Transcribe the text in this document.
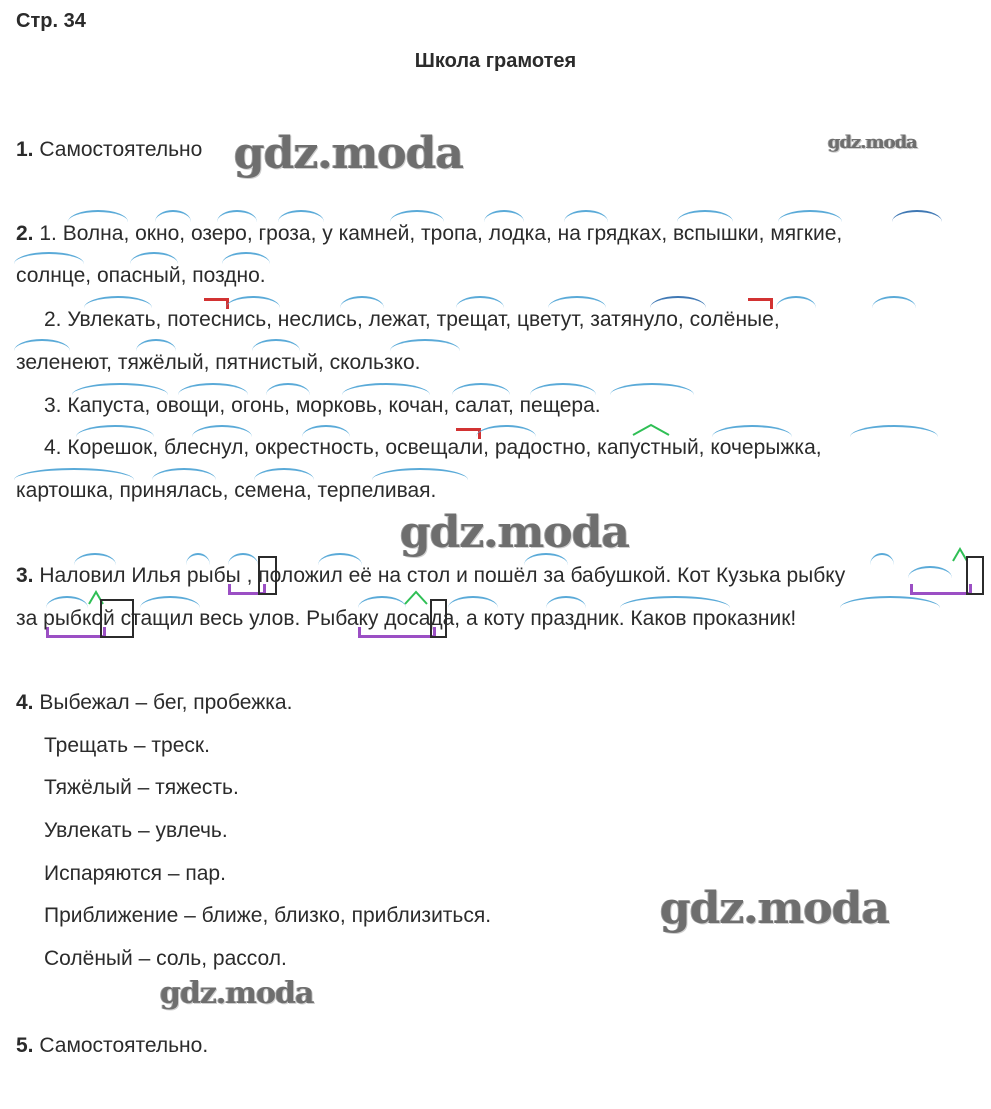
Стр. 34
Школа грамотея
gdz.moda	gdz.moda
gdz.moda
gdz.moda
gdz.moda
1. Самостоятельно
2. 1. Волна, окно, озеро, гроза, у камней, тропа, лодка, на грядках, вспышки, мягкие,
солнце, опасный, поздно.
2. Увлекать, потеснись, неслись, лежат, трещат, цветут, затянуло, солёные,
зеленеют, тяжёлый, пятнистый, скользко.
3. Капуста, овощи, огонь, морковь, кочан, салат, пещера.
4. Корешок, блеснул, окрестность, освещали, радостно, капустный, кочерыжка,
картошка, принялась, семена, терпеливая.
3. Наловил Илья рыбы , положил её на стол и пошёл за бабушкой. Кот Кузька рыбку
за рыбкой стащил весь улов. Рыбаку досада, а коту праздник. Каков проказник!
4. Выбежал – бег, пробежка.
Трещать – треск.
Тяжёлый – тяжесть.
Увлекать – увлечь.
Испаряются – пар.
Приближение – ближе, близко, приблизиться.
Солёный – соль, рассол.
5. Самостоятельно.
